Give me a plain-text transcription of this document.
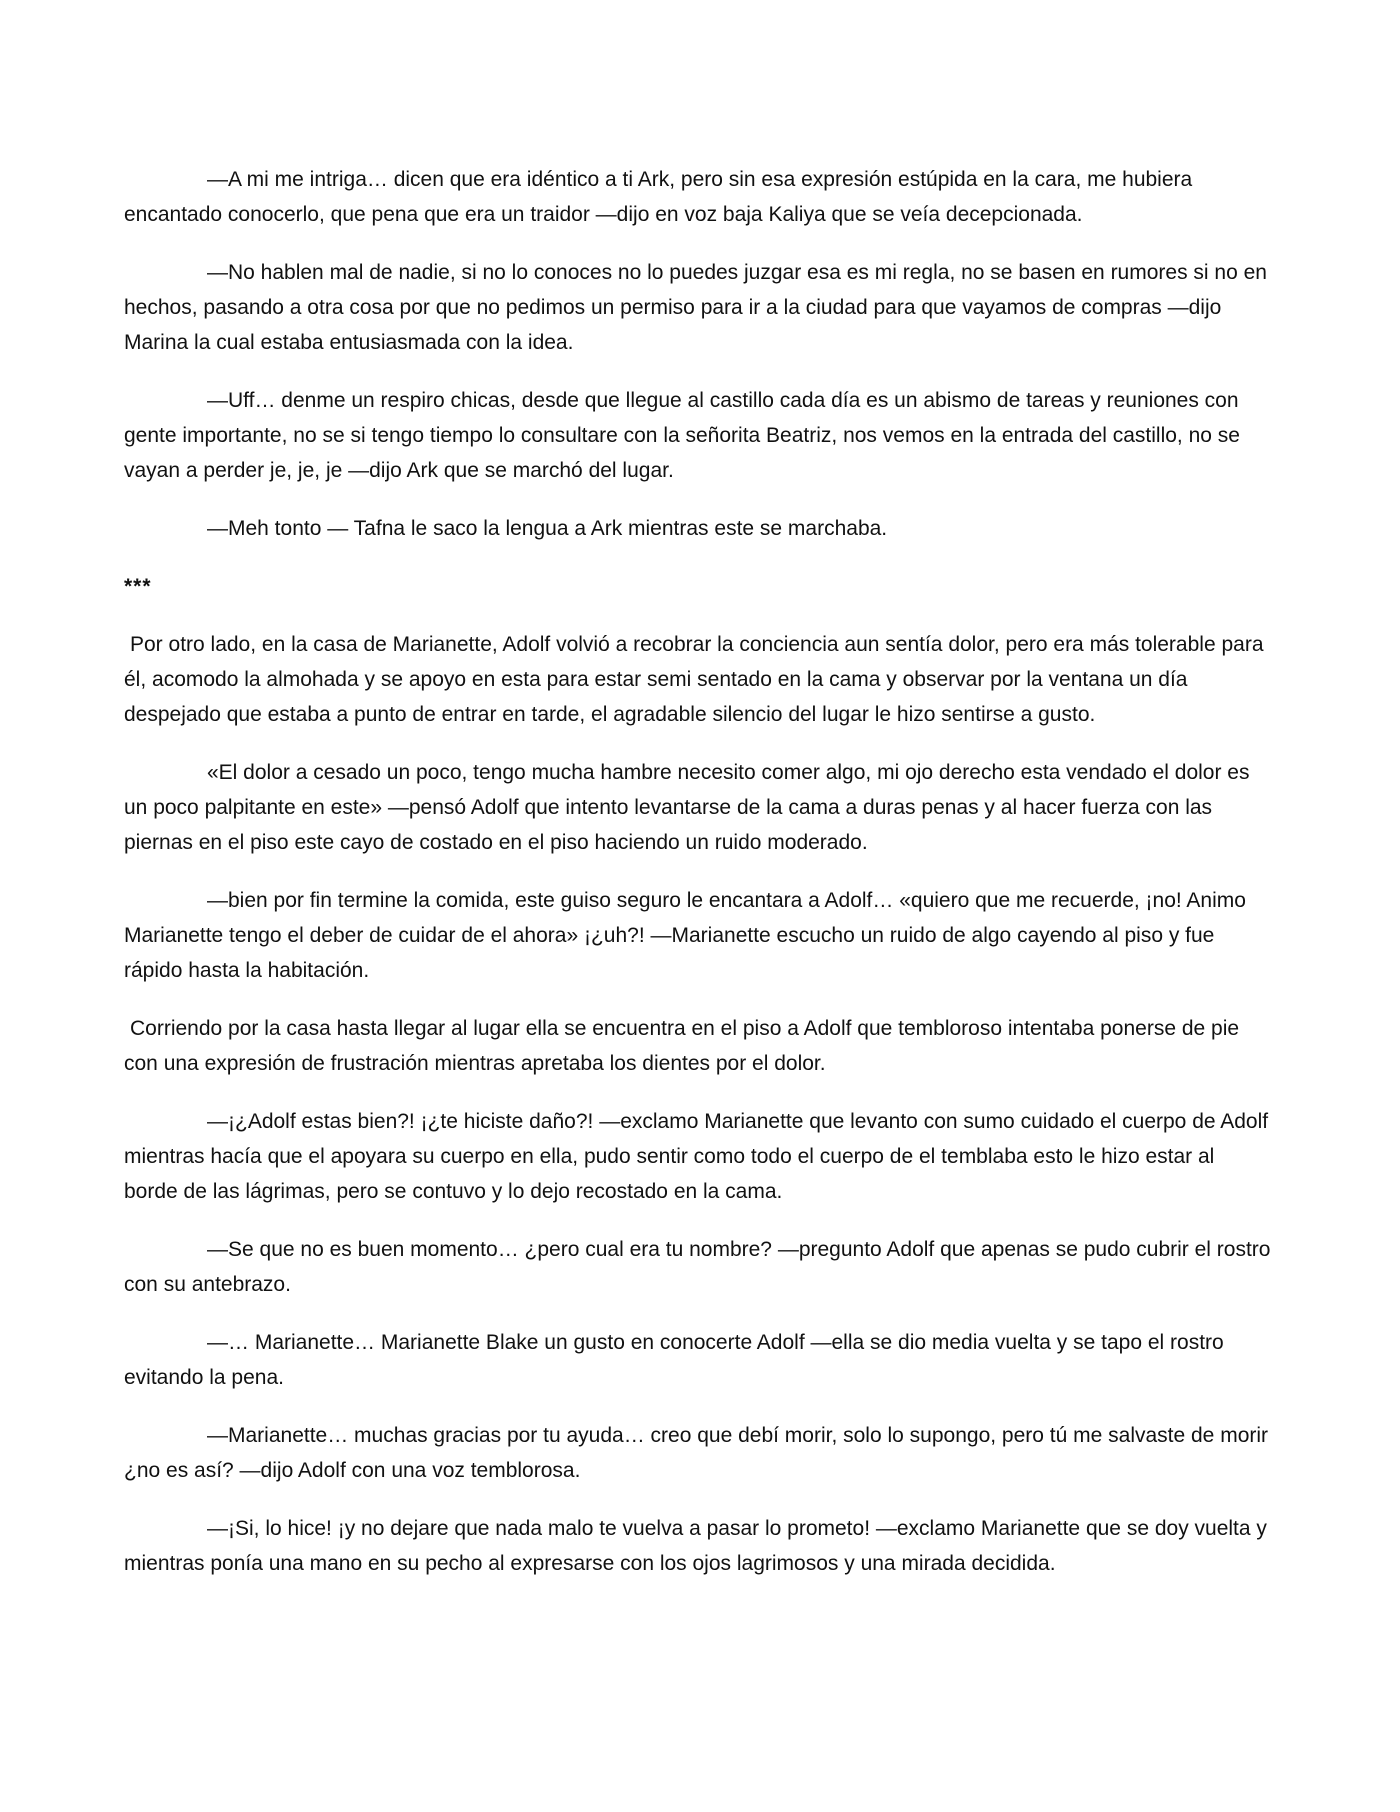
—A mi me intriga… dicen que era idéntico a ti Ark, pero sin esa expresión estúpida en la cara, me hubiera encantado conocerlo, que pena que era un traidor —dijo en voz baja Kaliya que se veía decepcionada.

—No hablen mal de nadie, si no lo conoces no lo puedes juzgar esa es mi regla, no se basen en rumores si no en hechos, pasando a otra cosa por que no pedimos un permiso para ir a la ciudad para que vayamos de compras —dijo Marina la cual estaba entusiasmada con la idea.

—Uff… denme un respiro chicas, desde que llegue al castillo cada día es un abismo de tareas y reuniones con gente importante, no se si tengo tiempo lo consultare con la señorita Beatriz, nos vemos en la entrada del castillo, no se vayan a perder je, je, je —dijo Ark que se marchó del lugar.

—Meh tonto — Tafna le saco la lengua a Ark mientras este se marchaba.

***

Por otro lado, en la casa de Marianette, Adolf volvió a recobrar la conciencia aun sentía dolor, pero era más tolerable para él, acomodo la almohada y se apoyo en esta para estar semi sentado en la cama y observar por la ventana un día despejado que estaba a punto de entrar en tarde, el agradable silencio del lugar le hizo sentirse a gusto.

«El dolor a cesado un poco, tengo mucha hambre necesito comer algo, mi ojo derecho esta vendado el dolor es un poco palpitante en este» —pensó Adolf que intento levantarse de la cama a duras penas y al hacer fuerza con las piernas en el piso este cayo de costado en el piso haciendo un ruido moderado.

—bien por fin termine la comida, este guiso seguro le encantara a Adolf… «quiero que me recuerde, ¡no! Animo Marianette tengo el deber de cuidar de el ahora» ¡¿uh?! —Marianette escucho un ruido de algo cayendo al piso y fue rápido hasta la habitación.

Corriendo por la casa hasta llegar al lugar ella se encuentra en el piso a Adolf que tembloroso intentaba ponerse de pie con una expresión de frustración mientras apretaba los dientes por el dolor.

—¡¿Adolf estas bien?! ¡¿te hiciste daño?! —exclamo Marianette que levanto con sumo cuidado el cuerpo de Adolf mientras hacía que el apoyara su cuerpo en ella, pudo sentir como todo el cuerpo de el temblaba esto le hizo estar al borde de las lágrimas, pero se contuvo y lo dejo recostado en la cama.

—Se que no es buen momento… ¿pero cual era tu nombre? —pregunto Adolf que apenas se pudo cubrir el rostro con su antebrazo.

—… Marianette… Marianette Blake un gusto en conocerte Adolf —ella se dio media vuelta y se tapo el rostro evitando la pena.

—Marianette… muchas gracias por tu ayuda… creo que debí morir, solo lo supongo, pero tú me salvaste de morir ¿no es así? —dijo Adolf con una voz temblorosa.

—¡Si, lo hice! ¡y no dejare que nada malo te vuelva a pasar lo prometo! —exclamo Marianette que se doy vuelta y mientras ponía una mano en su pecho al expresarse con los ojos lagrimosos y una mirada decidida.
